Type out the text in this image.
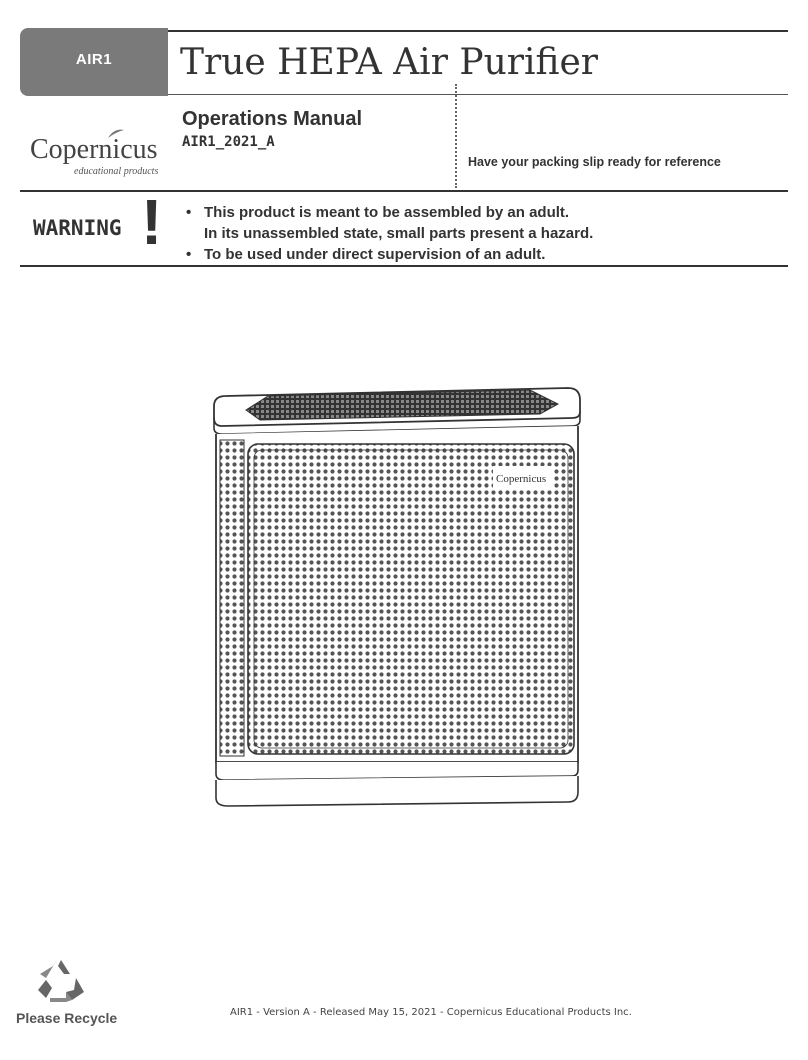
AIR1	True HEPA Air Purifier
Copernicus
educational products
Operations Manual
AIR1_2021_A
Have your packing slip ready for reference
WARNING ! • This product is meant to be assembled by an adult.
In its unassembled state, small parts present a hazard.
• To be used under direct supervision of an adult.
Copernicus
Please Recycle	AIR1 - Version A - Released May 15, 2021 - Copernicus Educational Products Inc.
